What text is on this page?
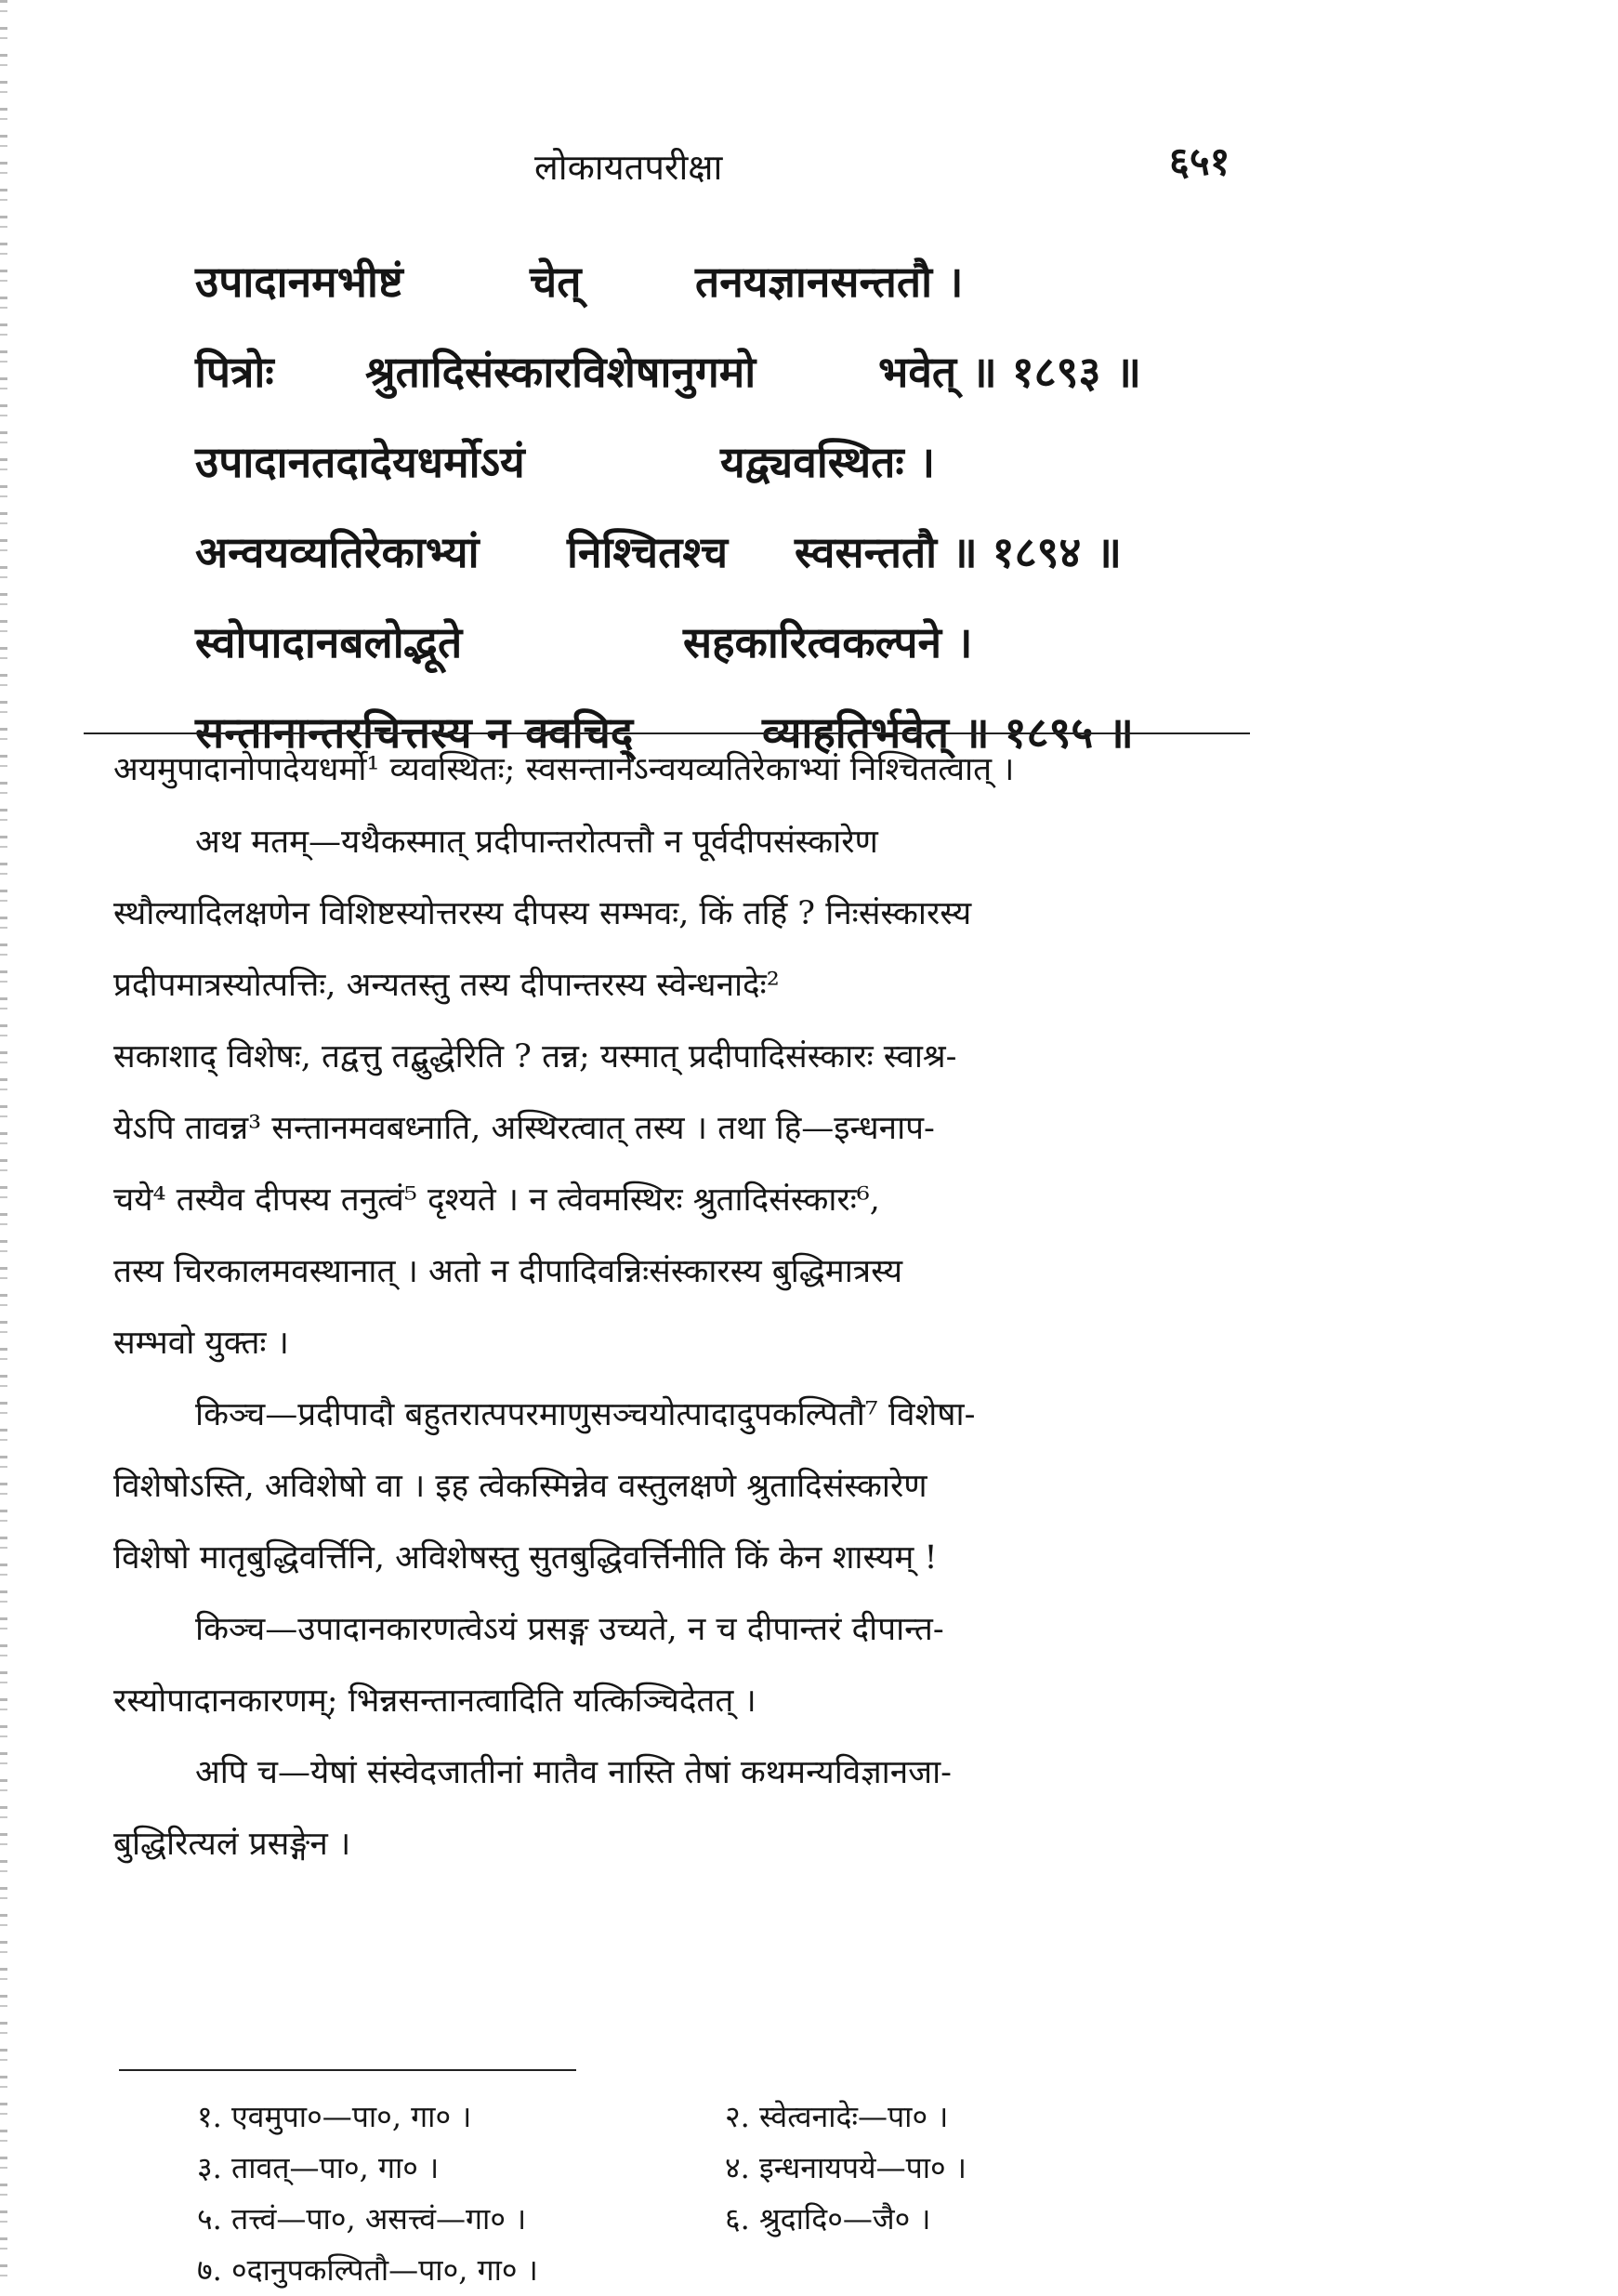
लोकायतपरीक्षा	६५१
उपादानमभीष्टं	चेत्	तनयज्ञानसन्ततौ ।
पित्रोः श्रुतादिसंस्कारविशेषानुगमो	भवेत् ॥ १८९३ ॥
उपादानतदादेयधर्मोऽयं	यद्व्यवस्थितः ।
अन्वयव्यतिरेकाभ्यां निश्चितश्च स्वसन्ततौ ॥ १८९४ ॥
स्वोपादानबलोद्भूते	सहकारित्वकल्पने ।
सन्तानान्तरचित्तस्य न क्वचिद्	व्याहतिर्भवेत् ॥ १८९५ ॥
अयमुपादानोपादेयधर्मो¹ व्यवस्थितः; स्वसन्तानेऽन्वयव्यतिरेकाभ्यां निश्चितत्वात् ।
अथ मतम्—यथैकस्मात् प्रदीपान्तरोत्पत्तौ न पूर्वदीपसंस्कारेण
स्थौल्यादिलक्षणेन विशिष्टस्योत्तरस्य दीपस्य सम्भवः, किं तर्हि ? निःसंस्कारस्य
प्रदीपमात्रस्योत्पत्तिः, अन्यतस्तु तस्य दीपान्तरस्य स्वेन्धनादेः²
सकाशाद् विशेषः, तद्वत्तु तद्बुद्धेरिति ? तन्न; यस्मात् प्रदीपादिसंस्कारः स्वाश्र-
येऽपि तावन्न³ सन्तानमवबध्नाति, अस्थिरत्वात् तस्य । तथा हि—इन्धनाप-
चये⁴ तस्यैव दीपस्य तनुत्वं⁵ दृश्यते । न त्वेवमस्थिरः श्रुतादिसंस्कारः⁶,
तस्य चिरकालमवस्थानात् । अतो न दीपादिवन्निःसंस्कारस्य बुद्धिमात्रस्य
सम्भवो युक्तः ।
किञ्च—प्रदीपादौ बहुतरात्पपरमाणुसञ्चयोत्पादादुपकल्पितौ⁷ विशेषा-
विशेषोऽस्ति, अविशेषो वा । इह त्वेकस्मिन्नेव वस्तुलक्षणे श्रुतादिसंस्कारेण
विशेषो मातृबुद्धिवर्त्तिनि, अविशेषस्तु सुतबुद्धिवर्त्तिनीति किं केन शास्यम् !
किञ्च—उपादानकारणत्वेऽयं प्रसङ्ग उच्यते, न च दीपान्तरं दीपान्त-
रस्योपादानकारणम्; भिन्नसन्तानत्वादिति यत्किञ्चिदेतत् ।
अपि च—येषां संस्वेदजातीनां मातैव नास्ति तेषां कथमन्यविज्ञानजा-
बुद्धिरित्यलं प्रसङ्गेन ।
१. एवमुपा०—पा०, गा० ।	२. स्वेत्वनादेः—पा० ।
३. तावत्—पा०, गा० ।	४. इन्धनायपये—पा० ।
५. तत्त्वं—पा०, असत्त्वं—गा० ।	६. श्रुदादि०—जै० ।
७. ०दानुपकल्पितौ—पा०, गा० ।
